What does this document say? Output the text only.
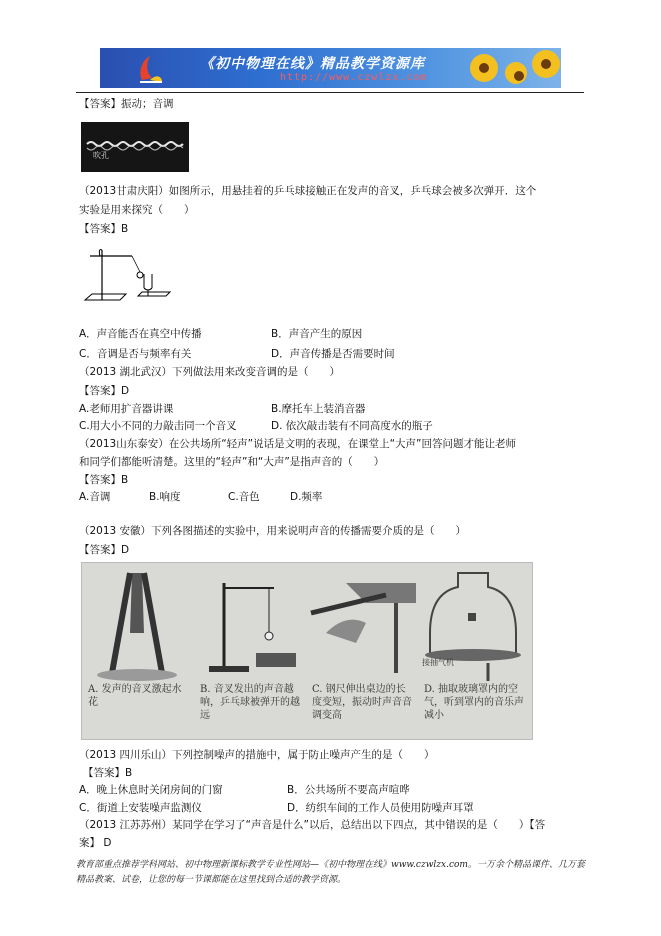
《初中物理在线》精品教学资源库
http://www.czwlzx.com
【答案】振动；音调
吹孔
（2013甘肃庆阳）如图所示，用悬挂着的乒乓球接触正在发声的音叉，乒乓球会被多次弹开．这个
实验是用来探究（　　）
【答案】B
A．声音能否在真空中传播	B．声音产生的原因
C．音调是否与频率有关	D．声音传播是否需要时间
（2013 湖北武汉）下列做法用来改变音调的是（　　）
【答案】D
A.老师用扩音器讲课	B.摩托车上装消音器
C.用大小不同的力敲击同一个音叉	D. 依次敲击装有不同高度水的瓶子
（2013山东泰安）在公共场所“轻声”说话是文明的表现，在课堂上“大声”回答问题才能让老师
和同学们都能听清楚。这里的“轻声”和“大声”是指声音的（　　）
【答案】B
A.音调	B.响度	C.音色	D.频率
（2013 安徽）下列各图描述的实验中，用来说明声音的传播需要介质的是（　　）
【答案】D
A. 发声的音叉激起水花
B. 音叉发出的声音越响，乒乓球被弹开的越远
C. 钢尺伸出桌边的长度变短，振动时声音音调变高
接抽气机
D. 抽取玻璃罩内的空气，听到罩内的音乐声减小
（2013 四川乐山）下列控制噪声的措施中，属于防止噪声产生的是（　　）
【答案】B
A．晚上休息时关闭房间的门窗	B．公共场所不要高声喧哗
C．街道上安装噪声监测仪	D．纺织车间的工作人员使用防噪声耳罩
（2013 江苏苏州）某同学在学习了“声音是什么”以后，总结出以下四点，其中错误的是（　　）【答
案】 D
教育部重点推荐学科网站、初中物理新课标教学专业性网站—《初中物理在线》www.czwlzx.com。一万余个精品课件、几万套精品教案、试卷，让您的每一节课都能在这里找到合适的教学资源。
